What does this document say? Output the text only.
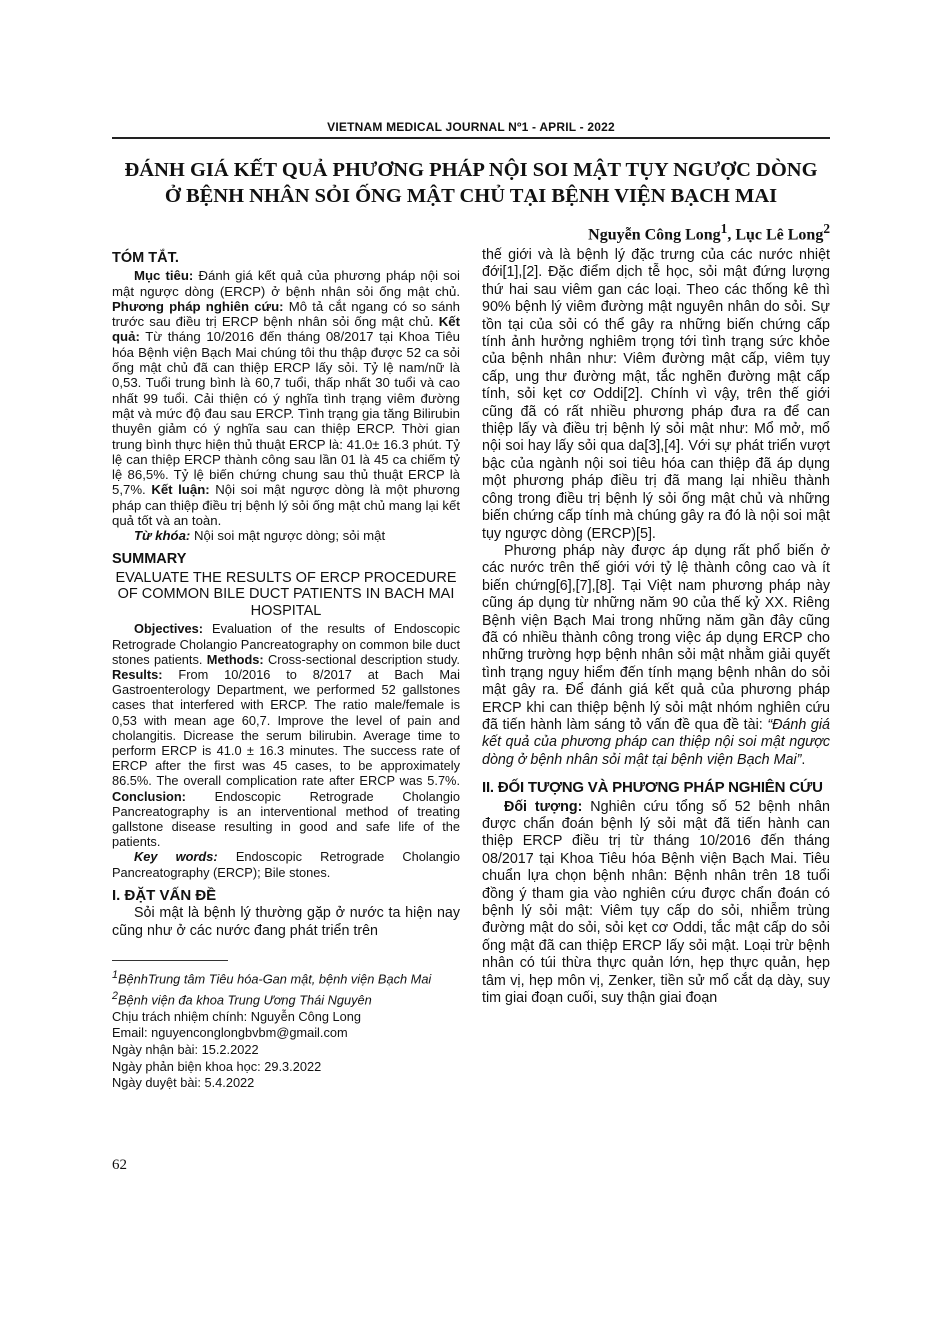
VIETNAM MEDICAL JOURNAL Nº1 - APRIL - 2022
ĐÁNH GIÁ KẾT QUẢ PHƯƠNG PHÁP NỘI SOI MẬT TỤY NGƯỢC DÒNG
Ở BỆNH NHÂN SỎI ỐNG MẬT CHỦ TẠI BỆNH VIỆN BẠCH MAI
Nguyễn Công Long$^1$, Lục Lê Long$^2$
TÓM TẮT.

Mục tiêu: Đánh giá kết quả của phương pháp nội soi mật ngược dòng (ERCP) ở bệnh nhân sỏi ống mật chủ. Phương pháp nghiên cứu: Mô tả cắt ngang có so sánh trước sau điều trị ERCP bệnh nhân sỏi ống mật chủ. Kết quả: Từ tháng 10/2016 đến tháng 08/2017 tại Khoa Tiêu hóa Bệnh viện Bạch Mai chúng tôi thu thập được 52 ca sỏi ống mật chủ đã can thiệp ERCP lấy sỏi. Tỷ lệ nam/nữ là 0,53. Tuổi trung bình là 60,7 tuổi, thấp nhất 30 tuổi và cao nhất 99 tuổi. Cải thiện có ý nghĩa tình trạng viêm đường mật và mức độ đau sau ERCP. Tình trạng gia tăng Bilirubin thuyên giảm có ý nghĩa sau can thiệp ERCP. Thời gian trung bình thực hiện thủ thuật ERCP là: 41.0± 16.3 phút. Tỷ lệ can thiệp ERCP thành công sau lần 01 là 45 ca chiếm tỷ lệ 86,5%. Tỷ lệ biến chứng chung sau thủ thuật ERCP là 5,7%. Kết luận: Nội soi mật ngược dòng là một phương pháp can thiệp điều trị bệnh lý sỏi ống mật chủ mang lại kết quả tốt và an toàn.

Từ khóa: Nội soi mật ngược dòng; sỏi mật

SUMMARY
EVALUATE THE RESULTS OF ERCP PROCEDURE OF COMMON BILE DUCT PATIENTS IN BACH MAI HOSPITAL

Objectives: Evaluation of the results of Endoscopic Retrograde Cholangio Pancreatography on common bile duct stones patients. Methods: Cross-sectional description study. Results: From 10/2016 to 8/2017 at Bach Mai Gastroenterology Department, we performed 52 gallstones cases that interfered with ERCP. The ratio male/female is 0,53 with mean age 60,7. Improve the level of pain and cholangitis. Dicrease the serum bilirubin. Average time to perform ERCP is 41.0 ± 16.3 minutes. The success rate of ERCP after the first was 45 cases, to be approximately 86.5%. The overall complication rate after ERCP was 5.7%. Conclusion: Endoscopic Retrograde Cholangio Pancreatography is an interventional method of treating gallstone disease resulting in good and safe life of the patients.

Key words: Endoscopic Retrograde Cholangio Pancreatography (ERCP); Bile stones.

I. ĐẶT VẤN ĐỀ

Sỏi mật là bệnh lý thường gặp ở nước ta hiện nay cũng như ở các nước đang phát triển trên

$^1$BệnhTrung tâm Tiêu hóa-Gan mật, bệnh viện Bạch Mai
$^2$Bệnh viện đa khoa Trung Ương Thái Nguyên
Chịu trách nhiệm chính: Nguyễn Công Long
Email: nguyenconglongbvbm@gmail.com
Ngày nhận bài: 15.2.2022
Ngày phản biện khoa học: 29.3.2022
Ngày duyệt bài: 5.4.2022

thế giới và là bệnh lý đặc trưng của các nước nhiệt đới[1],[2]. Đặc điểm dịch tễ học, sỏi mật đứng lượng thứ hai sau viêm gan các loại. Theo các thống kê thì 90% bệnh lý viêm đường mật nguyên nhân do sỏi. Sự tồn tại của sỏi có thể gây ra những biến chứng cấp tính ảnh hưởng nghiêm trọng tới tình trạng sức khỏe của bệnh nhân như: Viêm đường mật cấp, viêm tụy cấp, ung thư đường mật, tắc nghẽn đường mật cấp tính, sỏi kẹt cơ Oddi[2]. Chính vì vậy, trên thế giới cũng đã có rất nhiều phương pháp đưa ra để can thiệp lấy và điều trị bệnh lý sỏi mật như: Mổ mở, mổ nội soi hay lấy sỏi qua da[3],[4]. Với sự phát triển vượt bậc của ngành nội soi tiêu hóa can thiệp đã áp dụng một phương pháp điều trị đã mang lại nhiều thành công trong điều trị bệnh lý sỏi ống mật chủ và những biến chứng cấp tính mà chúng gây ra đó là nội soi mật tụy ngược dòng (ERCP)[5].

Phương pháp này được áp dụng rất phổ biến ở các nước trên thế giới với tỷ lệ thành công cao và ít biến chứng[6],[7],[8]. Tại Việt nam phương pháp này cũng áp dụng từ những năm 90 của thế kỷ XX. Riêng Bệnh viện Bạch Mai trong những năm gần đây cũng đã có nhiều thành công trong việc áp dụng ERCP cho những trường hợp bệnh nhân sỏi mật nhằm giải quyết tình trạng nguy hiểm đến tính mạng bệnh nhân do sỏi mật gây ra. Để đánh giá kết quả của phương pháp ERCP khi can thiệp bệnh lý sỏi mật nhóm nghiên cứu đã tiến hành làm sáng tỏ vấn đề qua đề tài: “Đánh giá kết quả của phương pháp can thiệp nội soi mật ngược dòng ở bệnh nhân sỏi mật tại bệnh viện Bạch Mai”.

II. ĐỐI TƯỢNG VÀ PHƯƠNG PHÁP NGHIÊN CỨU

Đối tượng: Nghiên cứu tổng số 52 bệnh nhân được chẩn đoán bệnh lý sỏi mật đã tiến hành can thiệp ERCP điều trị từ tháng 10/2016 đến tháng 08/2017 tại Khoa Tiêu hóa Bệnh viện Bạch Mai. Tiêu chuẩn lựa chọn bệnh nhân: Bệnh nhân trên 18 tuổi đồng ý tham gia vào nghiên cứu được chẩn đoán có bệnh lý sỏi mật: Viêm tụy cấp do sỏi, nhiễm trùng đường mật do sỏi, sỏi kẹt cơ Oddi, tắc mật cấp do sỏi ống mật đã can thiệp ERCP lấy sỏi mật. Loại trừ bệnh nhân có túi thừa thực quản lớn, hẹp thực quản, hẹp tâm vị, hẹp môn vị, Zenker, tiền sử mổ cắt dạ dày, suy tim giai đoạn cuối, suy thận giai đoạn

62
